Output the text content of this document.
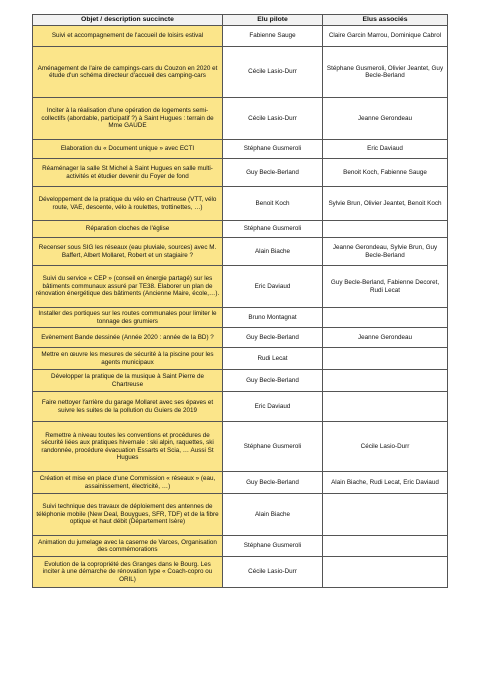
Objet / description succincte	Elu pilote	Elus associés
Suivi et accompagnement de l'accueil de loisirs estival	Fabienne Sauge	Claire Garcin Marrou, Dominique Cabrol
Aménagement de l'aire de campings-cars du Couzon en 2020 et étude d'un schéma directeur d'accueil des camping-cars	Cécile Lasio-Durr	Stéphane Gusmeroli, Olivier Jeantet, Guy Becle-Berland
Inciter à la réalisation d'une opération de logements semi-collectifs (abordable, participatif ?) à Saint Hugues : terrain de Mme GAUDE	Cécile Lasio-Durr	Jeanne Gerondeau
Elaboration du « Document unique » avec ECTI	Stéphane Gusmeroli	Eric Daviaud
Réaménager la salle St Michel à Saint Hugues en salle multi-activités et étudier devenir du Foyer de fond	Guy Becle-Berland	Benoit Koch, Fabienne Sauge
Développement de la pratique du vélo en Chartreuse (VTT, vélo route, VAE, descente, vélo à roulettes, trottinettes, …)	Benoit Koch	Sylvie Brun, Olivier Jeantet, Benoit Koch
Réparation cloches de l'église	Stéphane Gusmeroli	
Recenser sous SIG les réseaux (eau pluviale, sources) avec M. Baffert, Albert Mollaret, Robert et un stagiaire ?	Alain Biache	Jeanne Gerondeau, Sylvie Brun, Guy Becle-Berland
Suivi du service « CEP » (conseil en énergie partagé) sur les bâtiments communaux assuré par TE38. Elaborer un plan de rénovation énergétique des bâtiments (Ancienne Maire, école,…).	Eric Daviaud	Guy Becle-Berland, Fabienne Decoret, Rudi Lecat
Installer des portiques sur les routes communales pour limiter le tonnage des grumiers	Bruno Montagnat	
Evènement Bande dessinée (Année 2020 : année de la BD) ?	Guy Becle-Berland	Jeanne Gerondeau
Mettre en œuvre les mesures de sécurité à la piscine pour les agents municipaux	Rudi Lecat	
Développer la pratique de la musique à Saint Pierre de Chartreuse	Guy Becle-Berland	
Faire nettoyer l'arrière du garage Mollaret avec ses épaves et suivre les suites de la pollution du Guiers de 2019	Eric Daviaud	
Remettre à niveau toutes les conventions et procédures de sécurité liées aux pratiques hivernale : ski alpin, raquettes, ski randonnée, procédure évacuation Essarts et Scia, … Aussi St Hugues	Stéphane Gusmeroli	Cécile Lasio-Durr
Création et mise en place d'une Commission « réseaux » (eau, assainissement, électricité, …)	Guy Becle-Berland	Alain Biache, Rudi Lecat, Eric Daviaud
Suivi technique des travaux de déploiement des antennes de téléphonie mobile (New Deal, Bouygues, SFR, TDF) et de la fibre optique et haut débit (Département Isère)	Alain Biache	
Animation du jumelage avec la caserne de Varces, Organisation des commémorations	Stéphane Gusmeroli	
Evolution de la copropriété des Granges dans le Bourg. Les inciter à une démarche de rénovation type « Coach-copro ou ORIL)	Cécile Lasio-Durr	
